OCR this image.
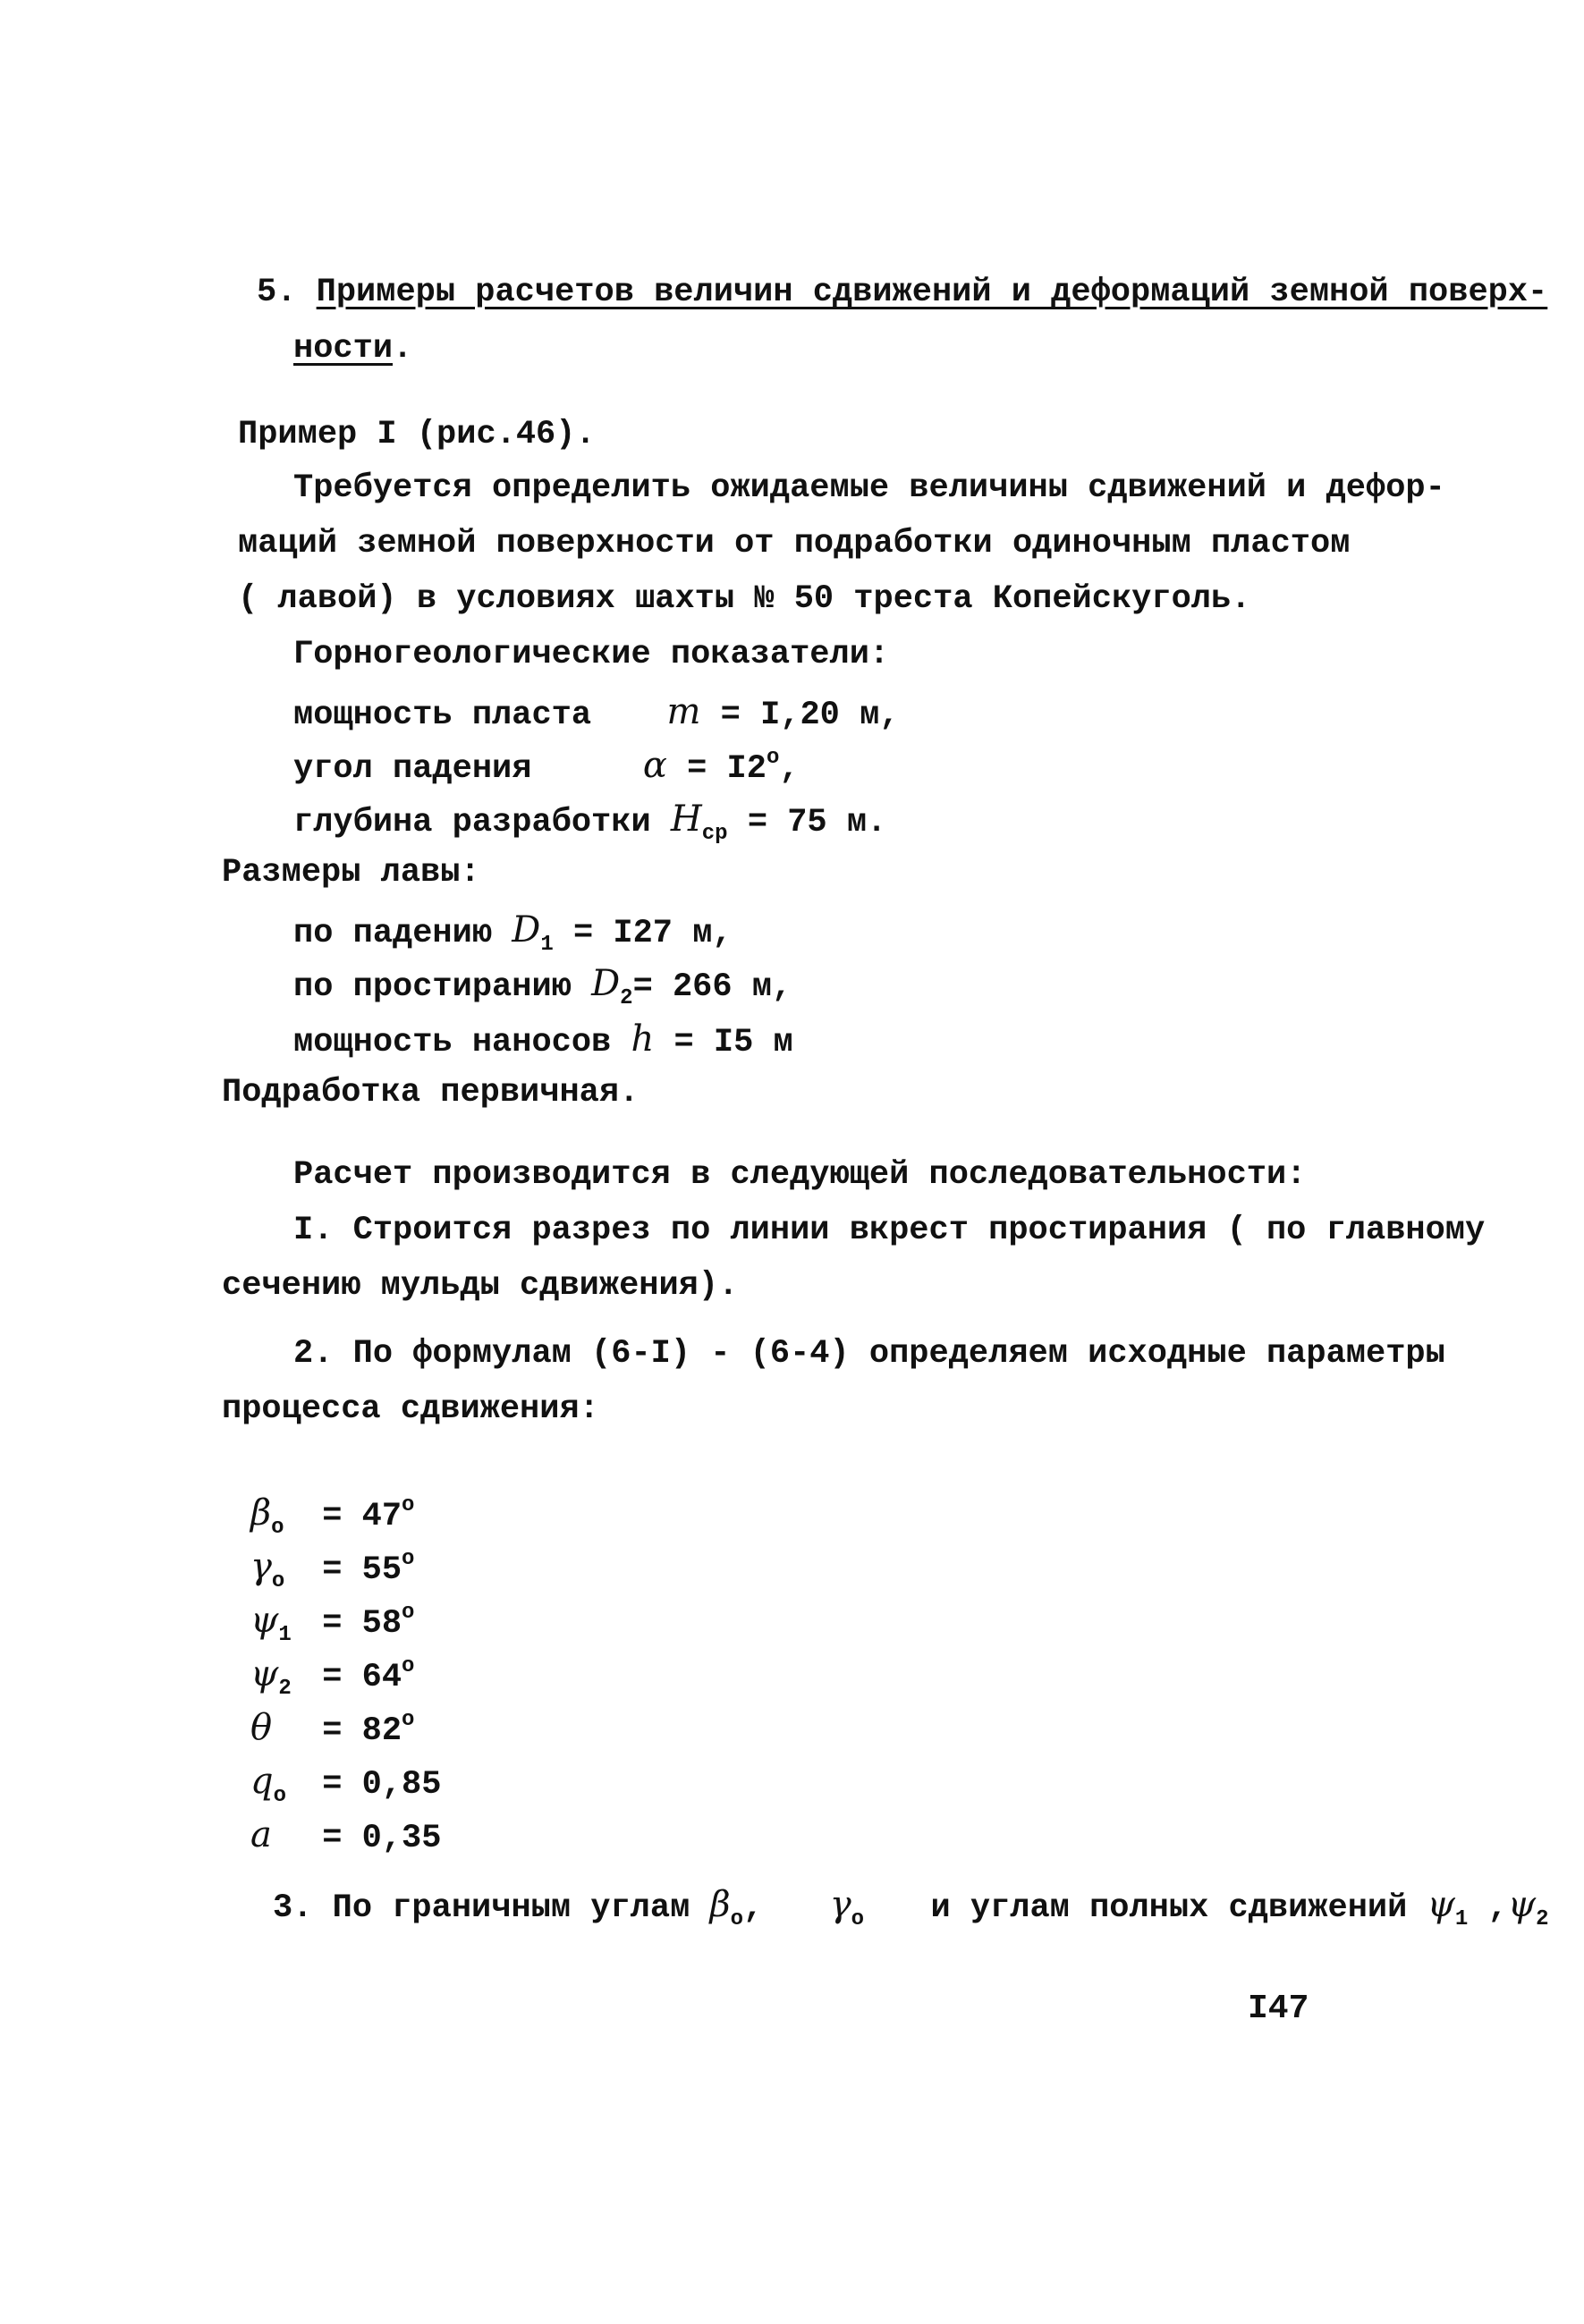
5. Примеры расчетов величин сдвижений и деформаций земной поверх-
ности.
Пример I (рис.46).
Требуется определить ожидаемые величины сдвижений и дефор-
маций земной поверхности от подработки одиночным пластом
( лавой) в условиях шахты № 50 треста Копейскуголь.
Горногеологические показатели:
мощность пласта m = I,20 м,
угол падения	$\alpha = I2^о$,
глубина разработки $H_{ср} = 75$ м.
Размеры лавы:
по падению $D_1 = I27$ м,
по простиранию $D_2= 266$ м,
мощность наносов h = I5 м
Подработка первичная.
Расчет производится в следующей последовательности:
I. Строится разрез по линии вкрест простирания ( по главному
сечению мульды сдвижения).
2. По формулам (6-I) - (6-4) определяем исходные параметры
процесса сдвижения:
$\beta_о = 47^о$
$\gamma_о = 55^о$
$\psi_1 = 58^о$
$\psi_2 = 64^о$
$\theta = 82^о$
$q_о = 0,85$
a = 0,35
3. По граничным углам $\beta_о$, $\gamma_о$ и углам полных сдвижений $\psi_1$ $,\psi_2$
I47
